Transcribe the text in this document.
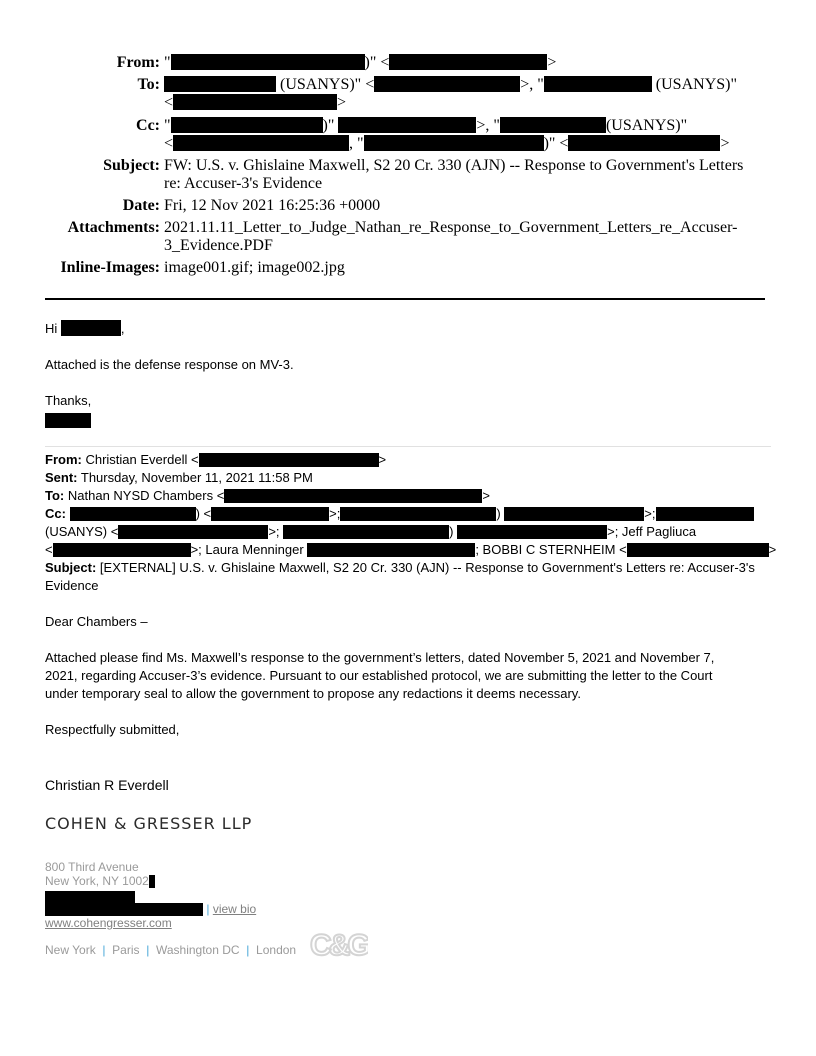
From: "	)" <	>
To:	(USANYS)" <	>, "	(USANYS)"
<	>
Cc: "	)"	>, "	(USANYS)"
<	, "	)" <	>
Subject: FW: U.S. v. Ghislaine Maxwell, S2 20 Cr. 330 (AJN) -- Response to Government's Letters
re: Accuser-3's Evidence
Date: Fri, 12 Nov 2021 16:25:36 +0000
Attachments: 2021.11.11_Letter_to_Judge_Nathan_re_Response_to_Government_Letters_re_Accuser-
3_Evidence.PDF
Inline-Images: image001.gif; image002.jpg
Hi	,
Attached is the defense response on MV-3.
Thanks,
From: Christian Everdell <	>
Sent: Thursday, November 11, 2021 11:58 PM
To: Nathan NYSD Chambers <	>
Cc:	) <	>;	)	>;
(USANYS) <	>;	)	>; Jeff Pagliuca
<	>; Laura Menninger	; BOBBI C STERNHEIM <	>
Subject: [EXTERNAL] U.S. v. Ghislaine Maxwell, S2 20 Cr. 330 (AJN) -- Response to Government's Letters re: Accuser-3's
Evidence
Dear Chambers –
Attached please find Ms. Maxwell’s response to the government’s letters, dated November 5, 2021 and November 7,
2021, regarding Accuser-3’s evidence. Pursuant to our established protocol, we are submitting the letter to the Court
under temporary seal to allow the government to propose any redactions it deems necessary.
Respectfully submitted,
Christian R Everdell
COHEN & GRESSER LLP
800 Third Avenue
New York, NY 1002
| view bio
www.cohengresser.com
New York | Paris | Washington DC | London C&G
